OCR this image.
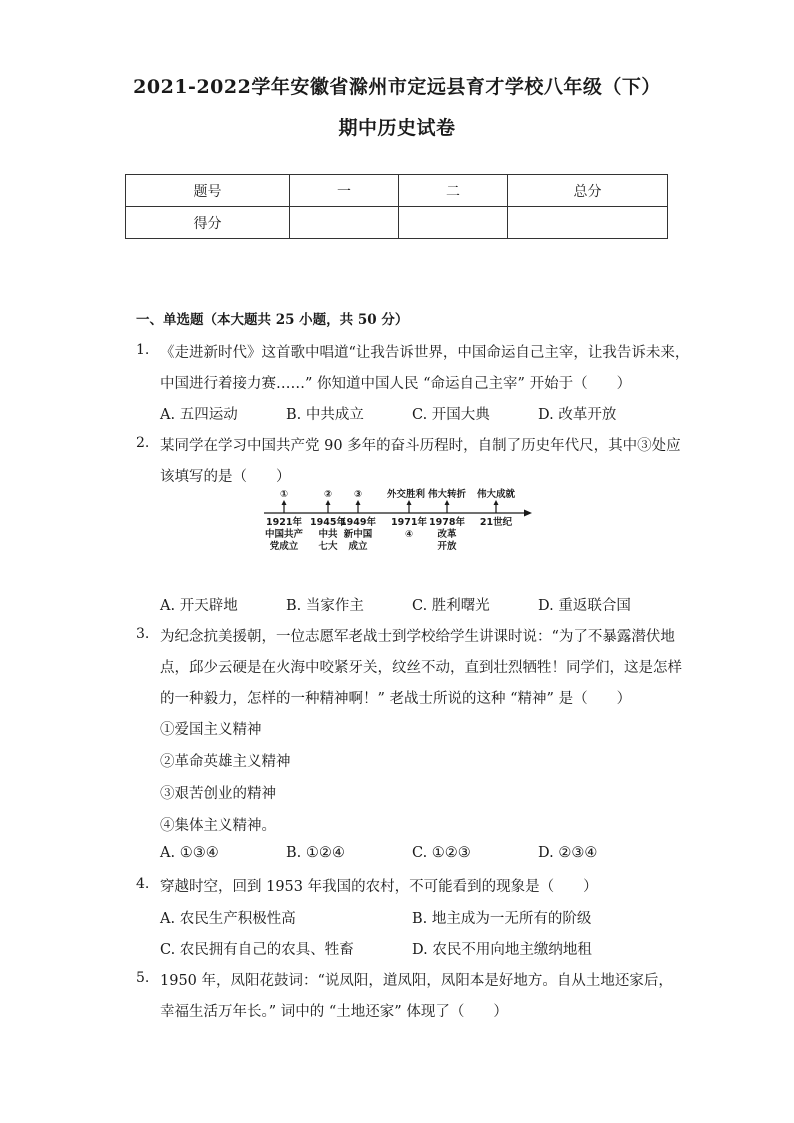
2021-2022学年安徽省滁州市定远县育才学校八年级（下）
期中历史试卷
题号	一	二	总分
得分			
一、单选题（本大题共 25 小题，共 50 分）
1. 《走进新时代》这首歌中唱道“让我告诉世界，中国命运自己主宰，让我告诉未来，
中国进行着接力赛……” 你知道中国人民 “命运自己主宰” 开始于（　　）
A. 五四运动	B. 中共成立	C. 开国大典	D. 改革开放
2. 某同学在学习中国共产党 90 多年的奋斗历程时，自制了历史年代尺，其中③处应
该填写的是（　　）
①
1921年
中国共产
党成立
②
1945年
中共
七大
③
1949年
新中国
成立
外交胜利
1971年
④
伟大转折
1978年
改革
开放
伟大成就
21世纪
A. 开天辟地	B. 当家作主	C. 胜利曙光	D. 重返联合国
3. 为纪念抗美援朝，一位志愿军老战士到学校给学生讲课时说：“为了不暴露潜伏地
点，邱少云硬是在火海中咬紧牙关，纹丝不动，直到壮烈牺牲！同学们，这是怎样
的一种毅力，怎样的一种精神啊！” 老战士所说的这种 “精神” 是（　　）
①爱国主义精神
②革命英雄主义精神
③艰苦创业的精神
④集体主义精神。
A. ①③④	B. ①②④	C. ①②③	D. ②③④
4. 穿越时空，回到 1953 年我国的农村，不可能看到的现象是（　　）
A. 农民生产积极性高	B. 地主成为一无所有的阶级
C. 农民拥有自己的农具、牲畜	D. 农民不用向地主缴纳地租
5. 1950 年，凤阳花鼓词：“说凤阳，道凤阳，凤阳本是好地方。自从土地还家后，
幸福生活万年长。” 词中的 “土地还家” 体现了（　　）
